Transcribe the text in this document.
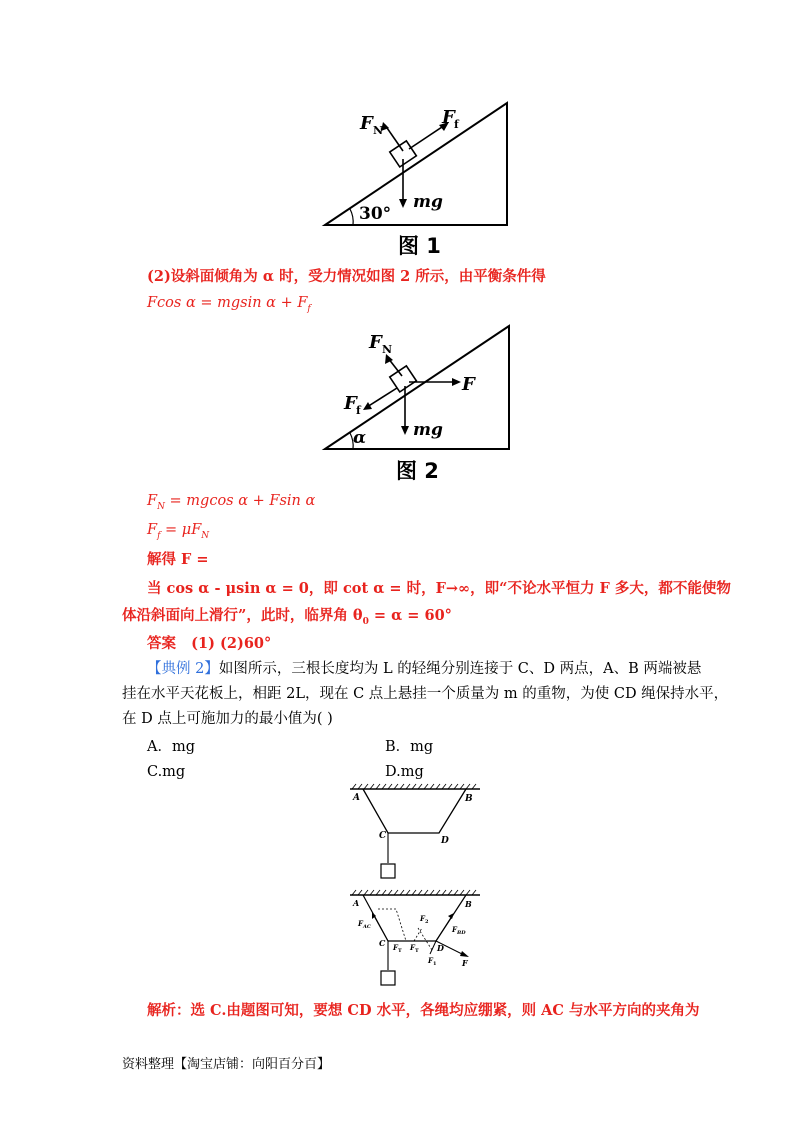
F N
F f
mg
30°
图 1
(2)设斜面倾角为 α 时，受力情况如图 2 所示，由平衡条件得
Fcos α = mgsin $\alpha + F_f$
F N
F
F f
mg
α
图 2
$F_N = mgcos$ α + Fsin α
$F_f = \mu F_N$
解得 F =
当 cos α - μsin α = 0，即 cot α = 时，F→∞，即“不论水平恒力 F 多大，都不能使物
体沿斜面向上滑行”，此时，临界角 $\theta_0 = \alpha = 60^\circ$
答案 (1) (2)60°
【典例 2】如图所示，三根长度均为 L 的轻绳分别连接于 C、D 两点，A、B 两端被悬
挂在水平天花板上，相距 2L，现在 C 点上悬挂一个质量为 m 的重物，为使 CD 绳保持水平，
在 D 点上可施加力的最小值为( )
A．mg	B．mg
C.mg	D.mg
A	B
C	D
A	B
C	D
F AC	F BD
F 2
F 1
F T F T
F
解析：选 C.由题图可知，要想 CD 水平，各绳均应绷紧，则 AC 与水平方向的夹角为
资料整理【淘宝店铺：向阳百分百】
